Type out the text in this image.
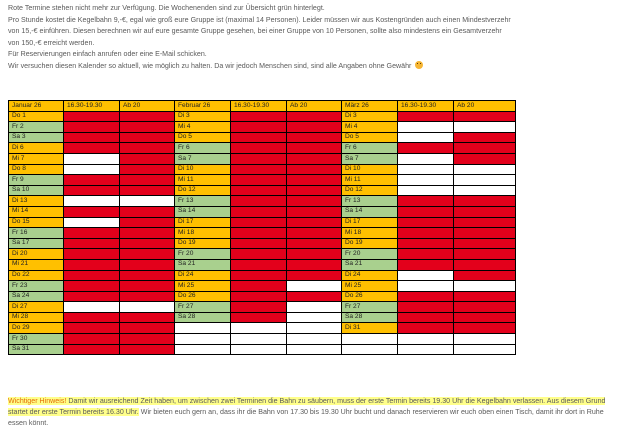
Rote Termine stehen nicht mehr zur Verfügung. Die Wochenenden sind zur Übersicht grün hinterlegt.

Pro Stunde kostet die Kegelbahn 9,-€, egal wie groß eure Gruppe ist (maximal 14 Personen). Leider müssen wir aus Kostengründen auch einen Mindestverzehr

von 15,-€ einführen. Diesen berechnen wir auf eure gesamte Gruppe gesehen, bei einer Gruppe von 10 Personen, sollte also mindestens ein Gesamtverzehr

von 150,-€ erreicht werden.

Für Reservierungen einfach anrufen oder eine E-Mail schicken.

Wir versuchen diesen Kalender so aktuell, wie möglich zu halten. Da wir jedoch Menschen sind, sind alle Angaben ohne Gewähr

Januar 26	16.30-19.30	Ab 20	Februar 26	16.30-19.30	Ab 20	März 26	16.30-19.30	Ab 20
Do 1			Di 3			Di 3		
Fr 2			Mi 4			Mi 4		
Sa 3			Do 5			Do 5		
Di 6			Fr 6			Fr 6		
Mi 7			Sa 7			Sa 7		
Do 8			Di 10			Di 10		
Fr 9			Mi 11			Mi 11		
Sa 10			Do 12			Do 12		
Di 13			Fr 13			Fr 13		
Mi 14			Sa 14			Sa 14		
Do 15			Di 17			Di 17		
Fr 16			Mi 18			Mi 18		
Sa 17			Do 19			Do 19		
Di 20			Fr 20			Fr 20		
Mi 21			Sa 21			Sa 21		
Do 22			Di 24			Di 24		
Fr 23			Mi 25			Mi 25		
Sa 24			Do 26			Do 26		
Di 27			Fr 27			Fr 27		
Mi 28			Sa 28			Sa 28		
Do 29						Di 31		
Fr 30								
Sa 31								
Wichtiger Hinweis! Damit wir ausreichend Zeit haben, um zwischen zwei Terminen die Bahn zu säubern, muss der erste Termin bereits 19.30 Uhr die Kegelbahn verlassen. Aus diesem Grund startet der erste Termin bereits 16.30 Uhr. Wir bieten euch gern an, dass ihr die Bahn von 17.30 bis 19.30 Uhr bucht und danach reservieren wir euch oben einen Tisch, damit ihr dort in Ruhe essen könnt.
